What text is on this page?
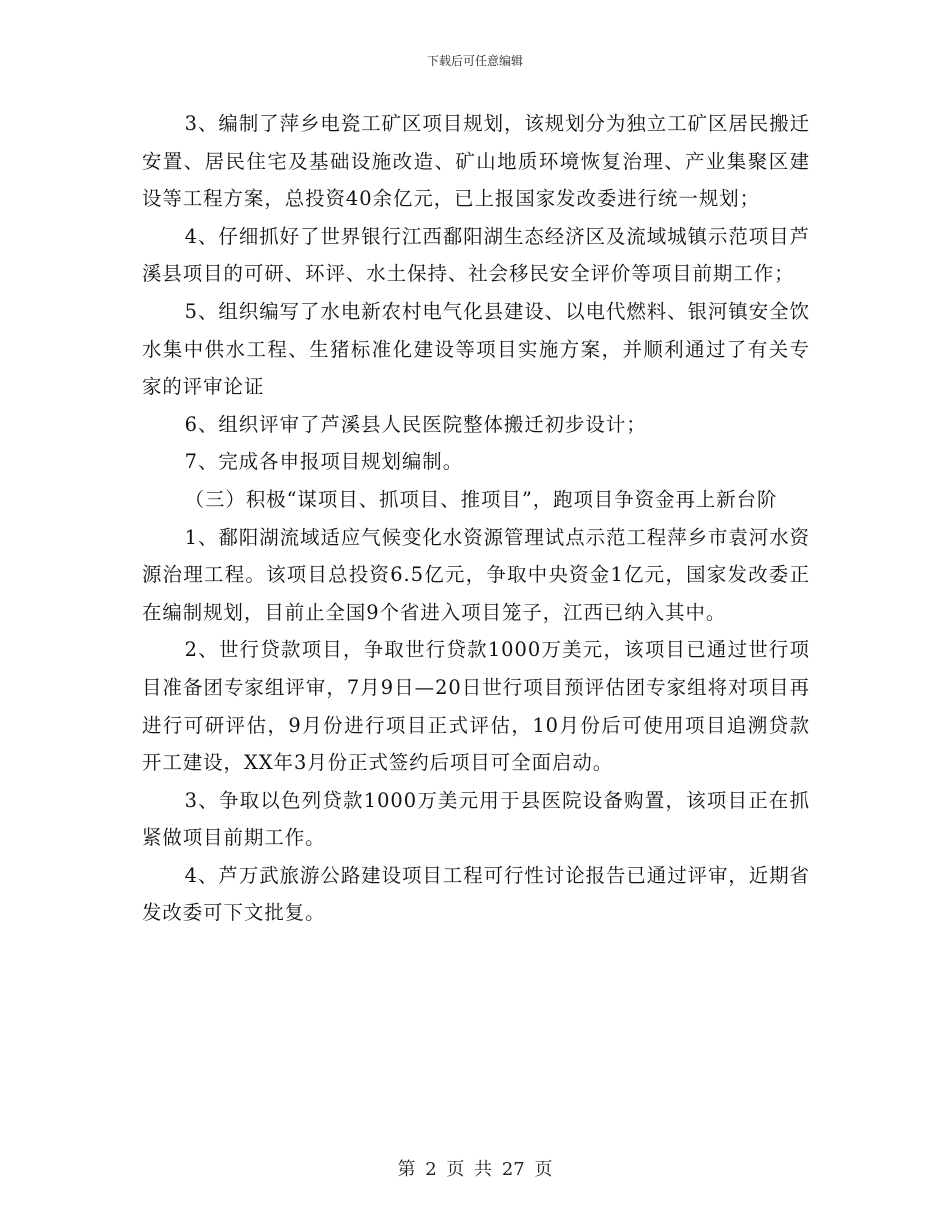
下载后可任意编辑

3、编制了萍乡电瓷工矿区项目规划，该规划分为独立工矿区居民搬迁安置、居民住宅及基础设施改造、矿山地质环境恢复治理、产业集聚区建设等工程方案，总投资40余亿元，已上报国家发改委进行统一规划；

4、仔细抓好了世界银行江西鄱阳湖生态经济区及流域城镇示范项目芦溪县项目的可研、环评、水土保持、社会移民安全评价等项目前期工作；

5、组织编写了水电新农村电气化县建设、以电代燃料、银河镇安全饮水集中供水工程、生猪标准化建设等项目实施方案，并顺利通过了有关专家的评审论证

6、组织评审了芦溪县人民医院整体搬迁初步设计；

7、完成各申报项目规划编制。

（三）积极“谋项目、抓项目、推项目”，跑项目争资金再上新台阶

1、鄱阳湖流域适应气候变化水资源管理试点示范工程萍乡市袁河水资源治理工程。该项目总投资6.5亿元，争取中央资金1亿元，国家发改委正在编制规划，目前止全国9个省进入项目笼子，江西已纳入其中。

2、世行贷款项目，争取世行贷款1000万美元，该项目已通过世行项目准备团专家组评审，7月9日—20日世行项目预评估团专家组将对项目再进行可研评估，9月份进行项目正式评估，10月份后可使用项目追溯贷款开工建设，XX年3月份正式签约后项目可全面启动。

3、争取以色列贷款1000万美元用于县医院设备购置，该项目正在抓紧做项目前期工作。

4、芦万武旅游公路建设项目工程可行性讨论报告已通过评审，近期省发改委可下文批复。

第 2 页 共 27 页
